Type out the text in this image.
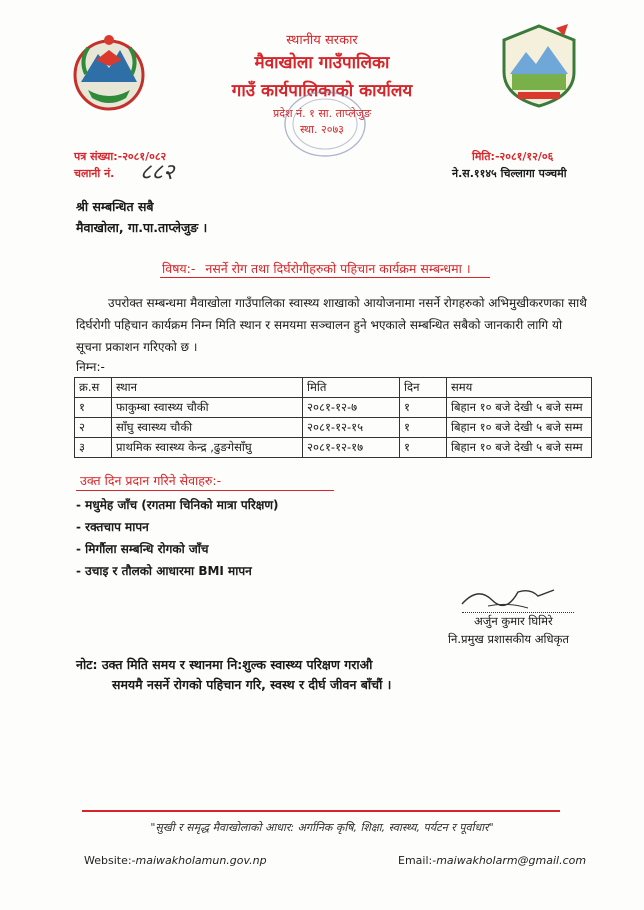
स्थानीय सरकार
मैवाखोला गाउँपालिका
गाउँ कार्यपालिकाको कार्यालय
प्रदेश नं. १ सा. ताप्लेजुङ
स्था. २०७३
पत्र संख्या:-२०८१/०८२
चलानी नं. ८८२
मिति:-२०८१/१२/०६
ने.स.११४५ चिल्लागा पञ्चमी
श्री सम्बन्धित सबै
मैवाखोला, गा.पा.ताप्लेजुङ ।
विषय:- नसर्ने रोग तथा दिर्घरोगीहरुको पहिचान कार्यक्रम सम्बन्धमा ।
उपरोक्त सम्बन्धमा मैवाखोला गाउँपालिका स्वास्थ्य शाखाको आयोजनामा नसर्ने रोगहरुको अभिमुखीकरणका साथै
दिर्घरोगी पहिचान कार्यक्रम निम्न मिति स्थान र समयमा सञ्चालन हुने भएकाले सम्बन्धित सबैको जानकारी लागि यो
सूचना प्रकाशन गरिएको छ ।
निम्न:-
क्र.स	स्थान	मिति	दिन	समय
१	फाकुम्बा स्वास्थ्य चौकी	२०८१-१२-७	१	बिहान १० बजे देखी ५ बजे सम्म
२	साँघु स्वास्थ्य चौकी	२०८१-१२-१५	१	बिहान १० बजे देखी ५ बजे सम्म
३	प्राथमिक स्वास्थ्य केन्द्र ,ढुङगेसाँघु	२०८१-१२-१७	१	बिहान १० बजे देखी ५ बजे सम्म
उक्त दिन प्रदान गरिने सेवाहरु:-
- मधुमेह जाँच (रगतमा चिनिको मात्रा परिक्षण)
- रक्तचाप मापन
- मिर्गौला सम्बन्धि रोगको जाँच
- उचाइ र तौलको आधारमा BMI मापन
अर्जुन कुमार घिमिरे
नि.प्रमुख प्रशासकीय अधिकृत
नोट: उक्त मिति समय र स्थानमा नि:शुल्क स्वास्थ्य परिक्षण गराऔ
समयमै नसर्ने रोगको पहिचान गरि, स्वस्थ र दीर्घ जीवन बाँचौं ।
"सुखी र समृद्ध मैवाखोलाको आधार: अर्गानिक कृषि, शिक्षा, स्वास्थ्य, पर्यटन र पूर्वाधार"
Website:-maiwakholamun.gov.np	Email:-maiwakholarm@gmail.com
